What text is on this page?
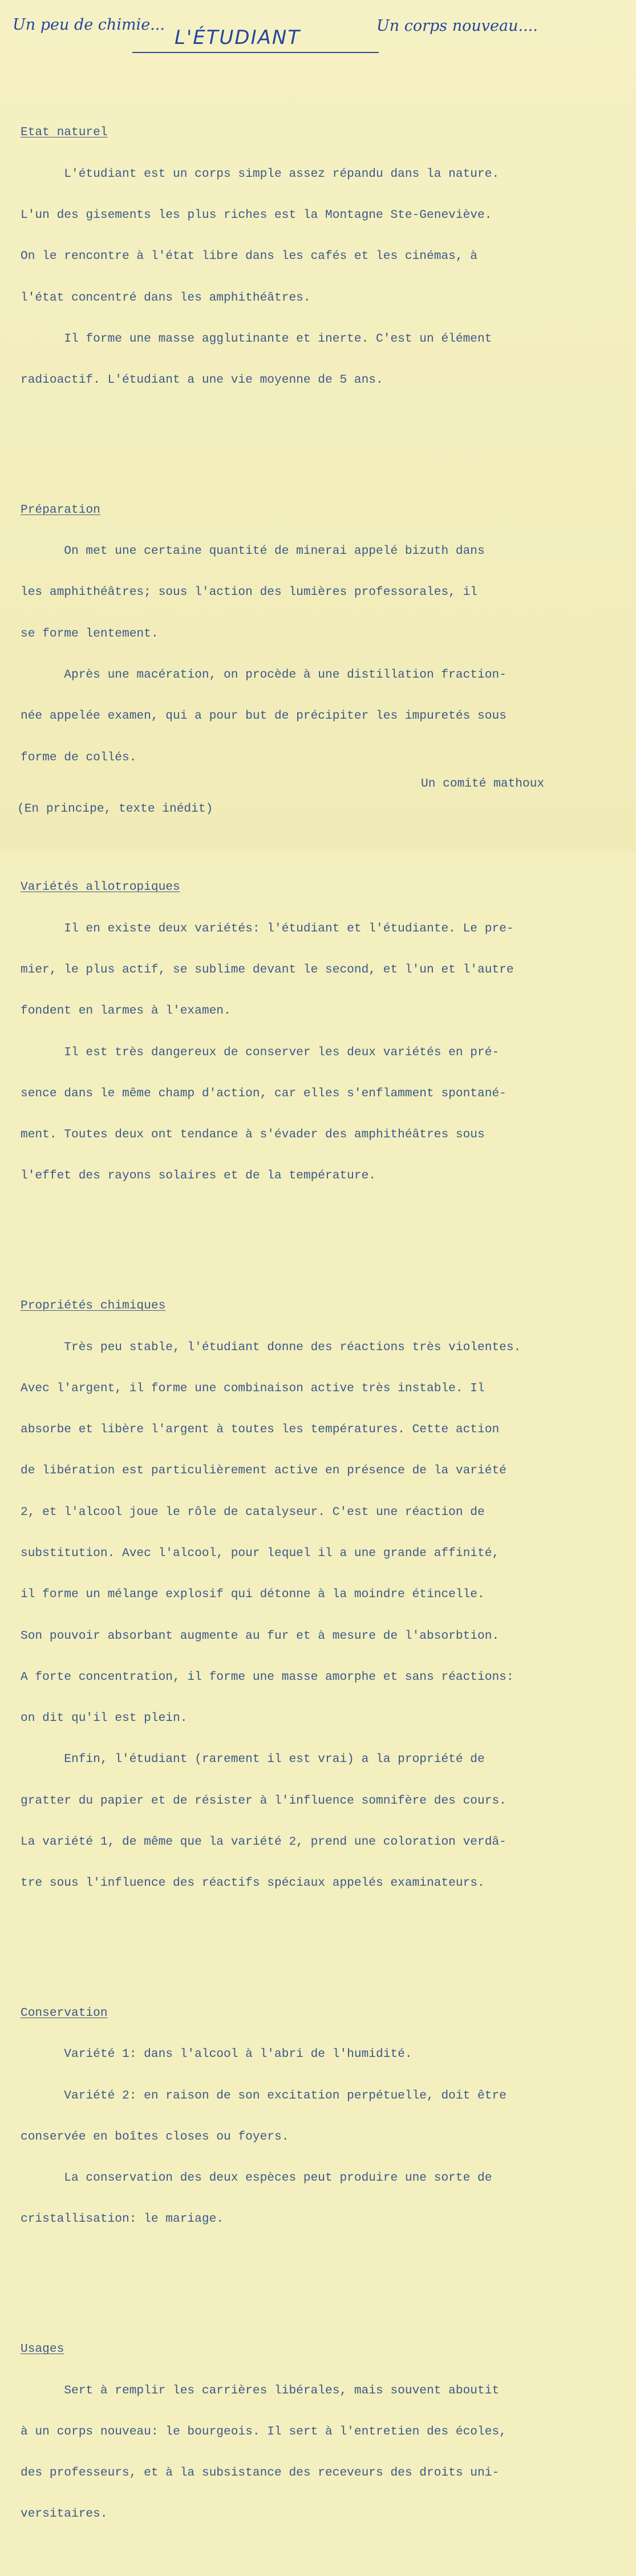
Un peu de chimie...
L'ÉTUDIANT
Un corps nouveau....

Etat naturel

L'étudiant est un corps simple assez répandu dans la nature.

L'un des gisements les plus riches est la Montagne Ste-Geneviève.

On le rencontre à l'état libre dans les cafés et les cinémas, à

l'état concentré dans les amphithéâtres.

Il forme une masse agglutinante et inerte. C'est un élément

radioactif. L'étudiant a une vie moyenne de 5 ans.

Préparation

On met une certaine quantité de minerai appelé bizuth dans

les amphithéâtres; sous l'action des lumières professorales, il

se forme lentement.

Après une macération, on procède à une distillation fraction-

née appelée examen, qui a pour but de précipiter les impuretés sous

forme de collés.

Variétés allotropiques

Il en existe deux variétés: l'étudiant et l'étudiante. Le pre-

mier, le plus actif, se sublime devant le second, et l'un et l'autre

fondent en larmes à l'examen.

Il est très dangereux de conserver les deux variétés en pré-

sence dans le même champ d'action, car elles s'enflamment spontané-

ment. Toutes deux ont tendance à s'évader des amphithéâtres sous

l'effet des rayons solaires et de la température.

Propriétés chimiques

Très peu stable, l'étudiant donne des réactions très violentes.

Avec l'argent, il forme une combinaison active très instable. Il

absorbe et libère l'argent à toutes les températures. Cette action

de libération est particulièrement active en présence de la variété

2, et l'alcool joue le rôle de catalyseur. C'est une réaction de

substitution. Avec l'alcool, pour lequel il a une grande affinité,

il forme un mélange explosif qui détonne à la moindre étincelle.

Son pouvoir absorbant augmente au fur et à mesure de l'absorbtion.

A forte concentration, il forme une masse amorphe et sans réactions:

on dit qu'il est plein.

Enfin, l'étudiant (rarement il est vrai) a la propriété de

gratter du papier et de résister à l'influence somnifère des cours.

La variété 1, de même que la variété 2, prend une coloration verdâ-

tre sous l'influence des réactifs spéciaux appelés examinateurs.

Conservation

Variété 1: dans l'alcool à l'abri de l'humidité.

Variété 2: en raison de son excitation perpétuelle, doit être

conservée en boîtes closes ou foyers.

La conservation des deux espèces peut produire une sorte de

cristallisation: le mariage.

Usages

Sert à remplir les carrières libérales, mais souvent aboutit

à un corps nouveau: le bourgeois. Il sert à l'entretien des écoles,

des professeurs, et à la subsistance des receveurs des droits uni-

versitaires.

Un comité mathoux
(En principe, texte inédit)
